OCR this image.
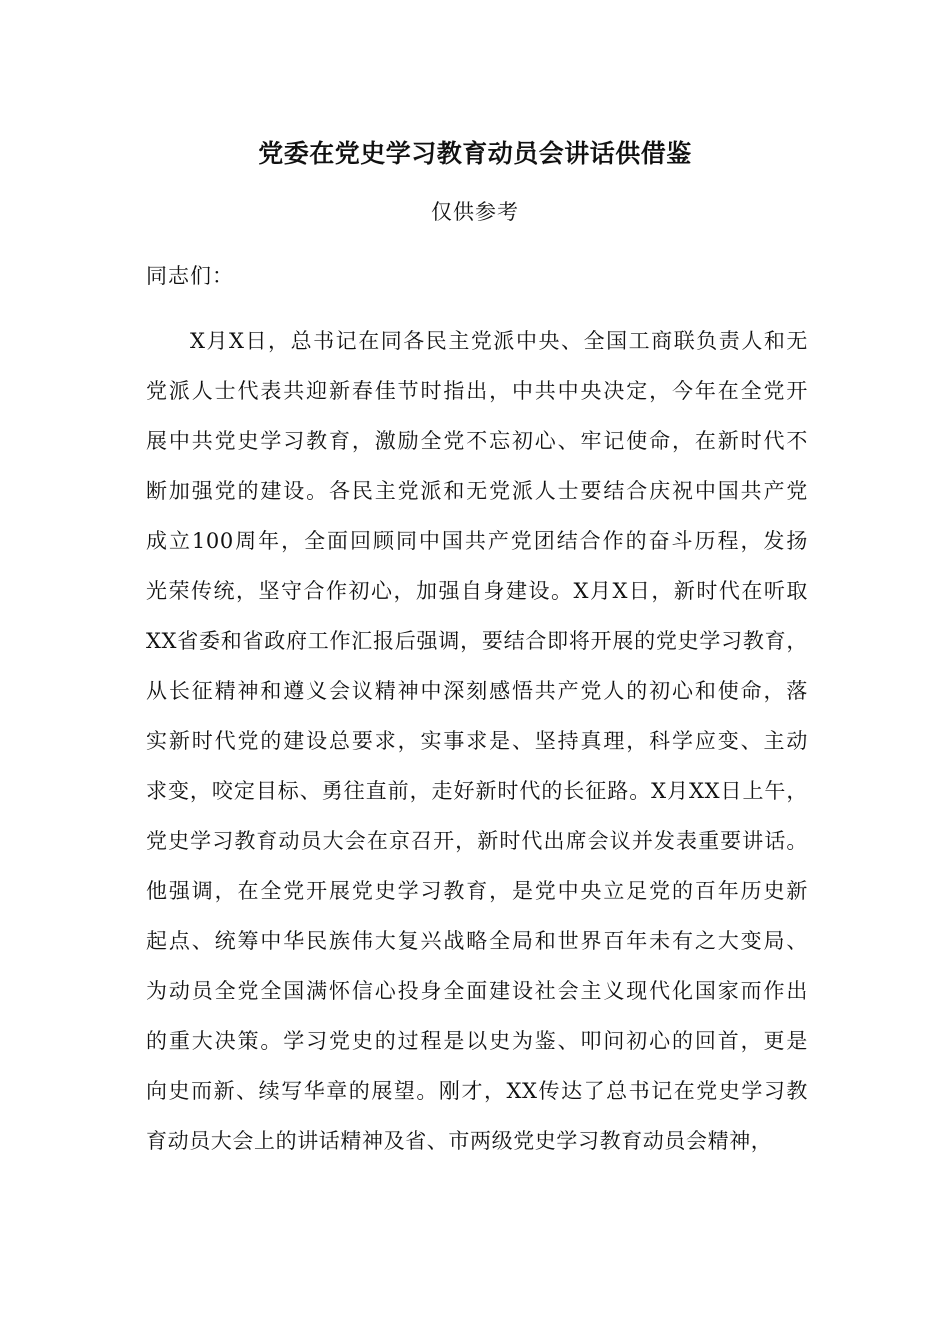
党委在党史学习教育动员会讲话供借鉴
仅供参考
同志们：
X月X日，总书记在同各民主党派中央、全国工商联负责人和无
党派人士代表共迎新春佳节时指出，中共中央决定，今年在全党开
展中共党史学习教育，激励全党不忘初心、牢记使命，在新时代不
断加强党的建设。各民主党派和无党派人士要结合庆祝中国共产党
成立100周年，全面回顾同中国共产党团结合作的奋斗历程，发扬
光荣传统，坚守合作初心，加强自身建设。X月X日，新时代在听取
XX省委和省政府工作汇报后强调，要结合即将开展的党史学习教育，
从长征精神和遵义会议精神中深刻感悟共产党人的初心和使命，落
实新时代党的建设总要求，实事求是、坚持真理，科学应变、主动
求变，咬定目标、勇往直前，走好新时代的长征路。X月XX日上午，
党史学习教育动员大会在京召开，新时代出席会议并发表重要讲话。
他强调，在全党开展党史学习教育，是党中央立足党的百年历史新
起点、统筹中华民族伟大复兴战略全局和世界百年未有之大变局、
为动员全党全国满怀信心投身全面建设社会主义现代化国家而作出
的重大决策。学习党史的过程是以史为鉴、叩问初心的回首，更是
向史而新、续写华章的展望。刚才，XX传达了总书记在党史学习教
育动员大会上的讲话精神及省、市两级党史学习教育动员会精神，
